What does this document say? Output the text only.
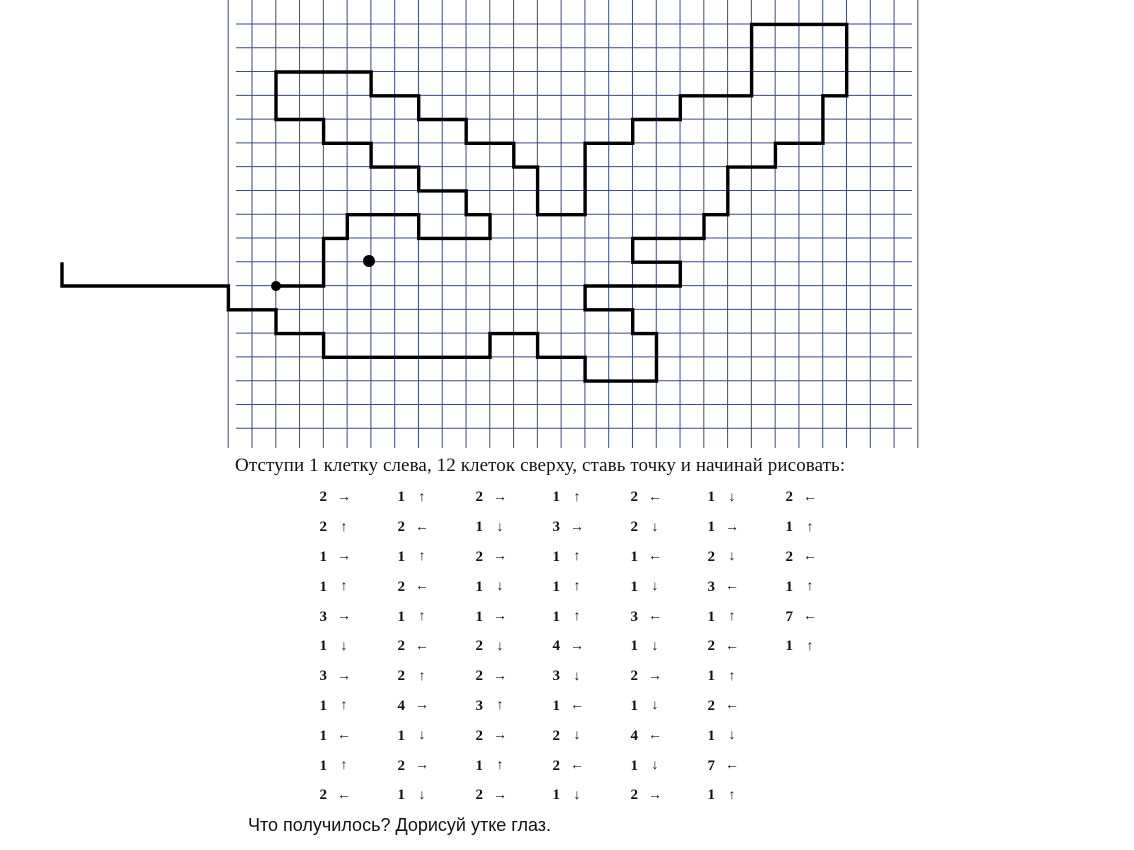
Отступи 1 клетку слева, 12 клеток сверху, ставь точку и начинай рисовать:
2 →
2 ↑
1 →
1 ↑
3 →
1 ↓
3 →
1 ↑
1 ←
1 ↑
2 ←
1 ↑
2 ←
1 ↑
2 ←
1 ↑
2 ←
2 ↑
4 →
1 ↓
2 →
1 ↓
2 →
1 ↓
2 →
1 ↓
1 →
2 ↓
2 →
3 ↑
2 →
1 ↑
2 →
1 ↑
3 →
1 ↑
1 ↑
1 ↑
4 →
3 ↓
1 ←
2 ↓
2 ←
1 ↓
2 ←
2 ↓
1 ←
1 ↓
3 ←
1 ↓
2 →
1 ↓
4 ←
1 ↓
2 →
1 ↓
1 →
2 ↓
3 ←
1 ↑
2 ←
1 ↑
2 ←
1 ↓
7 ←
1 ↑
2 ←
1 ↑
2 ←
1 ↑
7 ←
1 ↑
Что получилось? Дорисуй утке глаз.
